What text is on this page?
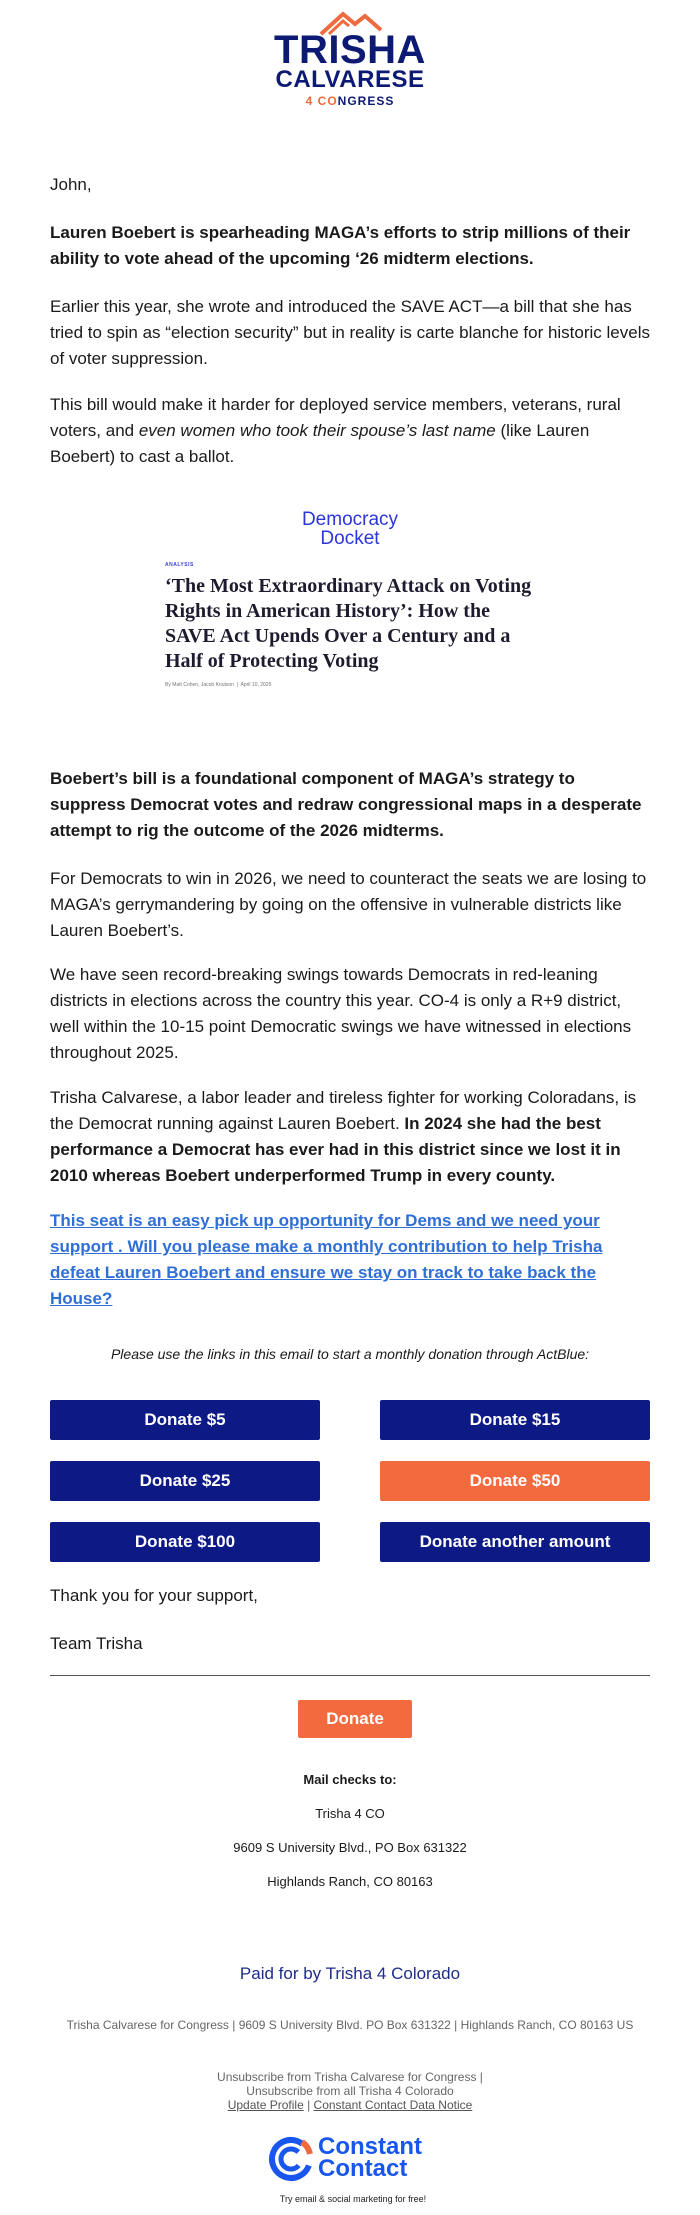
TRISHA
CALVARESE
4 CONGRESS

John,

Lauren Boebert is spearheading MAGA’s efforts to strip millions of their ability to vote ahead of the upcoming ‘26 midterm elections.

Earlier this year, she wrote and introduced the SAVE ACT—a bill that she has tried to spin as “election security” but in reality is carte blanche for historic levels of voter suppression.

This bill would make it harder for deployed service members, veterans, rural voters, and even women who took their spouse’s last name (like Lauren Boebert) to cast a ballot.

Democracy
Docket
ANALYSIS
‘The Most Extraordinary Attack on Voting Rights in American History’: How the SAVE Act Upends Over a Century and a Half of Protecting Voting
By Matt Cohen, Jacob Knutson  |  April 10, 2025

Boebert’s bill is a foundational component of MAGA’s strategy to suppress Democrat votes and redraw congressional maps in a desperate attempt to rig the outcome of the 2026 midterms.

For Democrats to win in 2026, we need to counteract the seats we are losing to MAGA’s gerrymandering by going on the offensive in vulnerable districts like Lauren Boebert’s.

We have seen record-breaking swings towards Democrats in red-leaning districts in elections across the country this year. CO-4 is only a R+9 district, well within the 10-15 point Democratic swings we have witnessed in elections throughout 2025.

Trisha Calvarese, a labor leader and tireless fighter for working Coloradans, is the Democrat running against Lauren Boebert. In 2024 she had the best performance a Democrat has ever had in this district since we lost it in 2010 whereas Boebert underperformed Trump in every county.

This seat is an easy pick up opportunity for Dems and we need your support . Will you please make a monthly contribution to help Trisha defeat Lauren Boebert and ensure we stay on track to take back the House?
Please use the links in this email to start a monthly donation through ActBlue:
Donate $5	Donate $15
Donate $25	Donate $50
Donate $100	Donate another amount

Thank you for your support,

Team Trisha

Donate
Mail checks to:
Trisha 4 CO
9609 S University Blvd., PO Box 631322
Highlands Ranch, CO 80163
Paid for by Trisha 4 Colorado
Trisha Calvarese for Congress | 9609 S University Blvd. PO Box 631322 | Highlands Ranch, CO 80163 US
Unsubscribe from Trisha Calvarese for Congress |
Unsubscribe from all Trisha 4 Colorado
Update Profile | Constant Contact Data Notice
Constant
Contact
Try email & social marketing for free!
